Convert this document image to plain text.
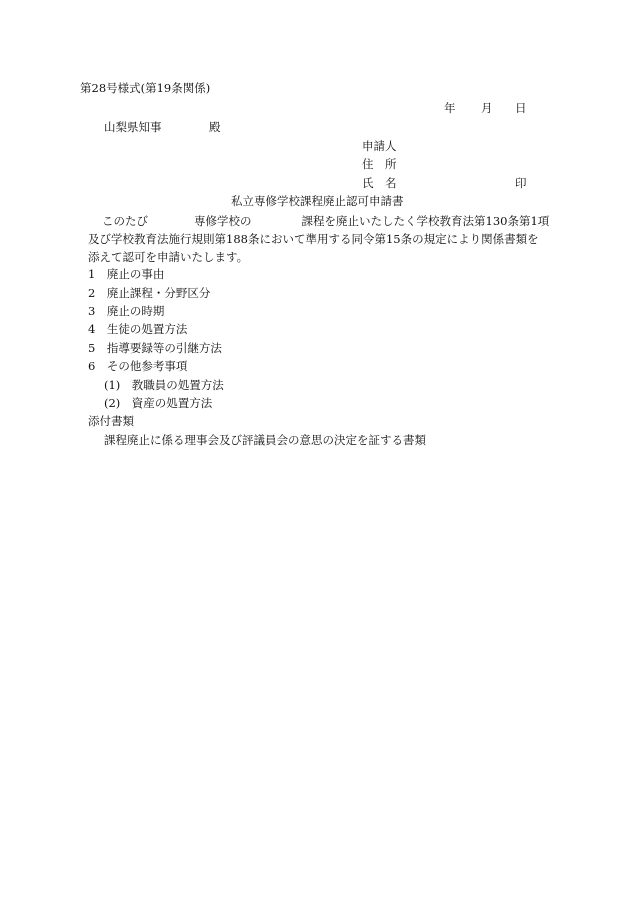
第28号様式(第19条関係)
年 月 日
山梨県知事	殿
申請人
住　所
氏　名	印
私立専修学校課程廃止認可申請書

このたび	専修学校の	課程を廃止いたしたく学校教育法第130条第1項

及び学校教育法施行規則第188条において準用する同令第15条の規定により関係書類を

添えて認可を申請いたします。

1　廃止の事由
2　廃止課程・分野区分
3　廃止の時期
4　生徒の処置方法
5　指導要録等の引継方法
6　その他参考事項
(1)　教職員の処置方法
(2)　資産の処置方法
添付書類
課程廃止に係る理事会及び評議員会の意思の決定を証する書類
